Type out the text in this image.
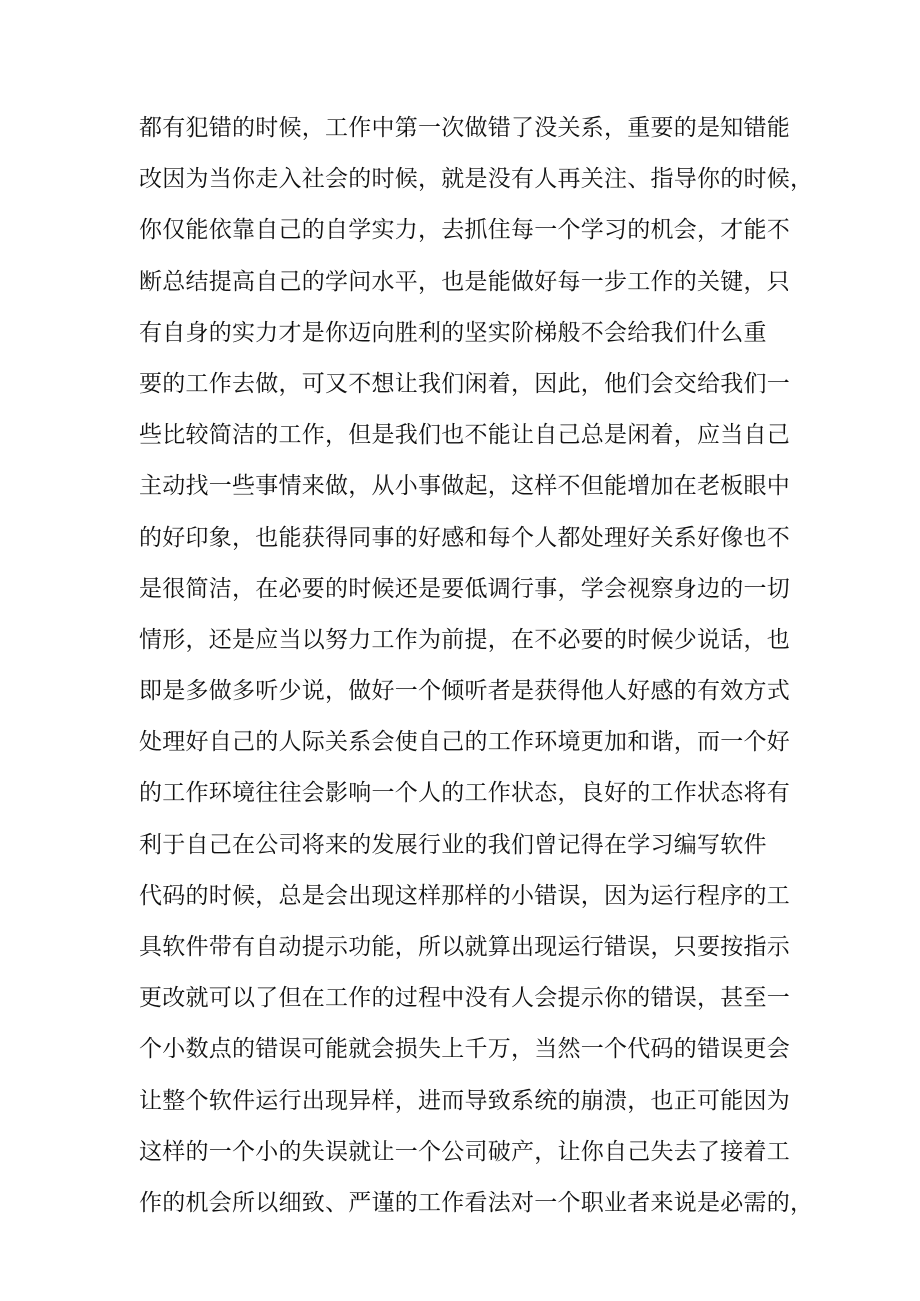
都有犯错的时候，工作中第一次做错了没关系，重要的是知错能
改因为当你走入社会的时候，就是没有人再关注、指导你的时候，
你仅能依靠自己的自学实力，去抓住每一个学习的机会，才能不
断总结提高自己的学问水平，也是能做好每一步工作的关键，只
有自身的实力才是你迈向胜利的坚实阶梯般不会给我们什么重
要的工作去做，可又不想让我们闲着，因此，他们会交给我们一
些比较简洁的工作，但是我们也不能让自己总是闲着，应当自己
主动找一些事情来做，从小事做起，这样不但能增加在老板眼中
的好印象，也能获得同事的好感和每个人都处理好关系好像也不
是很简洁，在必要的时候还是要低调行事，学会视察身边的一切
情形，还是应当以努力工作为前提，在不必要的时候少说话，也
即是多做多听少说，做好一个倾听者是获得他人好感的有效方式
处理好自己的人际关系会使自己的工作环境更加和谐，而一个好
的工作环境往往会影响一个人的工作状态，良好的工作状态将有
利于自己在公司将来的发展行业的我们曾记得在学习编写软件
代码的时候，总是会出现这样那样的小错误，因为运行程序的工
具软件带有自动提示功能，所以就算出现运行错误，只要按指示
更改就可以了但在工作的过程中没有人会提示你的错误，甚至一
个小数点的错误可能就会损失上千万，当然一个代码的错误更会
让整个软件运行出现异样，进而导致系统的崩溃，也正可能因为
这样的一个小的失误就让一个公司破产，让你自己失去了接着工
作的机会所以细致、严谨的工作看法对一个职业者来说是必需的，
